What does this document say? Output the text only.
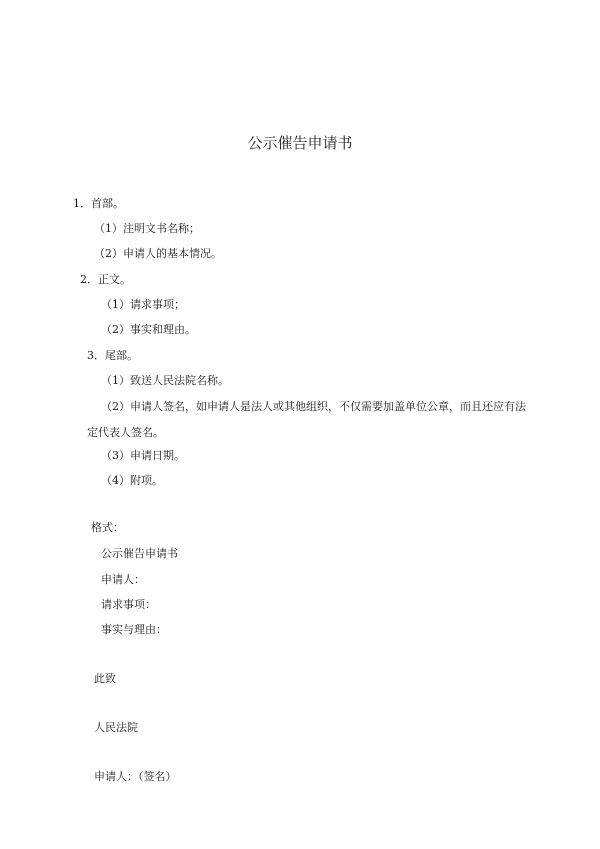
公示催告申请书
1．首部。
（1）注明文书名称；
（2）申请人的基本情况。
2．正文。
（1）请求事项；
（2）事实和理由。
3．尾部。
（1）致送人民法院名称。
（2）申请人签名，如申请人是法人或其他组织，不仅需要加盖单位公章，而且还应有法定代表人签名。
（3）申请日期。
（4）附项。
格式：
公示催告申请书
申请人：
请求事项：
事实与理由：
此致
人民法院
申请人：（签名）
